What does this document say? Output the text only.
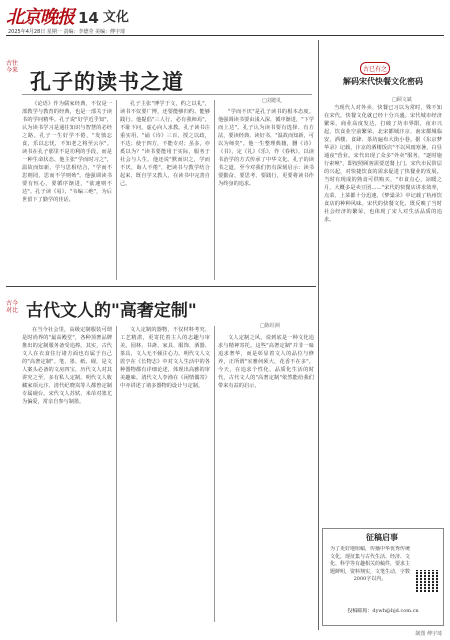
北京晚报 14 文化
2025年4月28日 星期一 责编：李德莹 美编：傅宇琦
古往今来 孔子的读书之道
□刘皓礼

《论语》作为儒家经典，不仅是一部教学与教育的经典，也是一部关于读书的学问精华。孔子说"好学近乎知"，认为读书学习是通往知识与智慧的必经之路。孔子一生好学不倦，"发愤忘食，乐以忘忧，不知老之将至云尔"。读书在孔子那里不是功利的手段，而是一种生命状态。他主张"学而时习之"，温故而知新，学与思相结合，"学而不思则罔，思而不学则殆"。他强调读书要有恒心，要循序渐进，"欲速则不达"。孔子读《易》，"韦编三绝"，为后世留下了勤学的佳话。

孔子主张"博学于文，约之以礼"，读书不仅要广博，还要能够归约、能够践行。他提倡"三人行，必有我师焉"，不耻下问，虚心向人求教。孔子读书注重实用，"诵《诗》三百，授之以政，不达；使于四方，不能专对；虽多，亦奚以为？"读书要能用于实际，服务于社会与人生。他还说"默而识之，学而不厌，诲人不倦"，把读书与教学结合起来，既自学又教人，在读书中完善自己。

"学而不厌"是孔子读书的根本态度。他强调读书要由浅入深，循序渐进，"下学而上达"。孔子认为读书要有选择、有方法，要读经典、读好书，"温故而知新，可以为师矣"。他一生整理典籍，删《诗》《书》，定《礼》《乐》，作《春秋》，以读书治学的方式传承了中华文化。孔子的读书之道，至今对我们仍有深刻启示：读书要勤奋、要思考、要践行，更要将读书作为终身的追求。

古今对比 古代文人的"高奢定制"
□陈柱洲

在当今社会里，高级定制服装可谓是时尚界的"最高殿堂"，各种顶奢品牌推出的定制服务备受追捧。其实，古代文人在衣食住行诸方面也有属于自己的"高奢定制"。笔、墨、纸、砚，是文人案头必备的文房四宝，历代文人对其讲究之至，多有私人定制。明代文人收藏家项元汴、清代纪晓岚等人都曾定制专属砚台。宋代文人苏轼、米芾对墨尤为偏爱，常亲自参与制墨。

文人定制的器物，不仅材料考究、工艺精湛，更寄托着主人的志趣与审美。园林、书斋、家具、服饰、酒器、茶具，文人无不倾注心力。明代文人文震亨在《长物志》中对文人生活中的各种器物都有详细论述，体现出高雅的审美趣味。清代文人李渔在《闲情偶寄》中亦讲述了诸多器物的设计与定制。

文人定制之风，说到底是一种文化追求与精神寄托。这些"高奢定制"并非一味追求奢华，而是彰显着文人的品位与修养，正所谓"室雅何须大，花香不在多"。今天，在追求个性化、品质化生活的时代，古代文人的"高奢定制"依然能给我们带来有益的启示。

古已有之
解码宋代快餐文化密码
□顾文斌

当现代人对外卖、快餐已习以为常时，殊不知在宋代，快餐文化就已经十分兴盛。宋代城市经济繁荣，商业高度发达，打破了坊市界限，夜市兴起，饮食业空前繁荣。北宋都城汴京、南宋都城临安，酒楼、食肆、茶坊遍布大街小巷。据《东京梦华录》记载，汴京的酒楼饭店"不以风雨寒暑，白昼通夜"营业。宋代出现了众多"外卖"服务，"逐时施行索唤"，即按照顾客需要送餐上门。宋代市民阶层的兴起，对快捷饮食的需求促进了快餐业的发展。当时有现成的熟食可供购买，"市食点心，凉暖之月，大概多是卖豆团……"宋代的快餐店讲求效率，点菜、上菜都十分迅速。《梦粱录》中记载了杭州饮食店的种种风味。宋代的快餐文化，既反映了当时社会经济的繁荣，也体现了宋人对生活品质的追求。

征稿启事
为了更好地组稿，传播中华优秀传统文化，现征集与古代生活、经济、文化、科学等有趣相关的稿件，要求主题鲜明，资料翔实，文笔生动，字数2000字以内。
投稿邮箱：dywh@bjd.com.cn
制图 傅宇琦
